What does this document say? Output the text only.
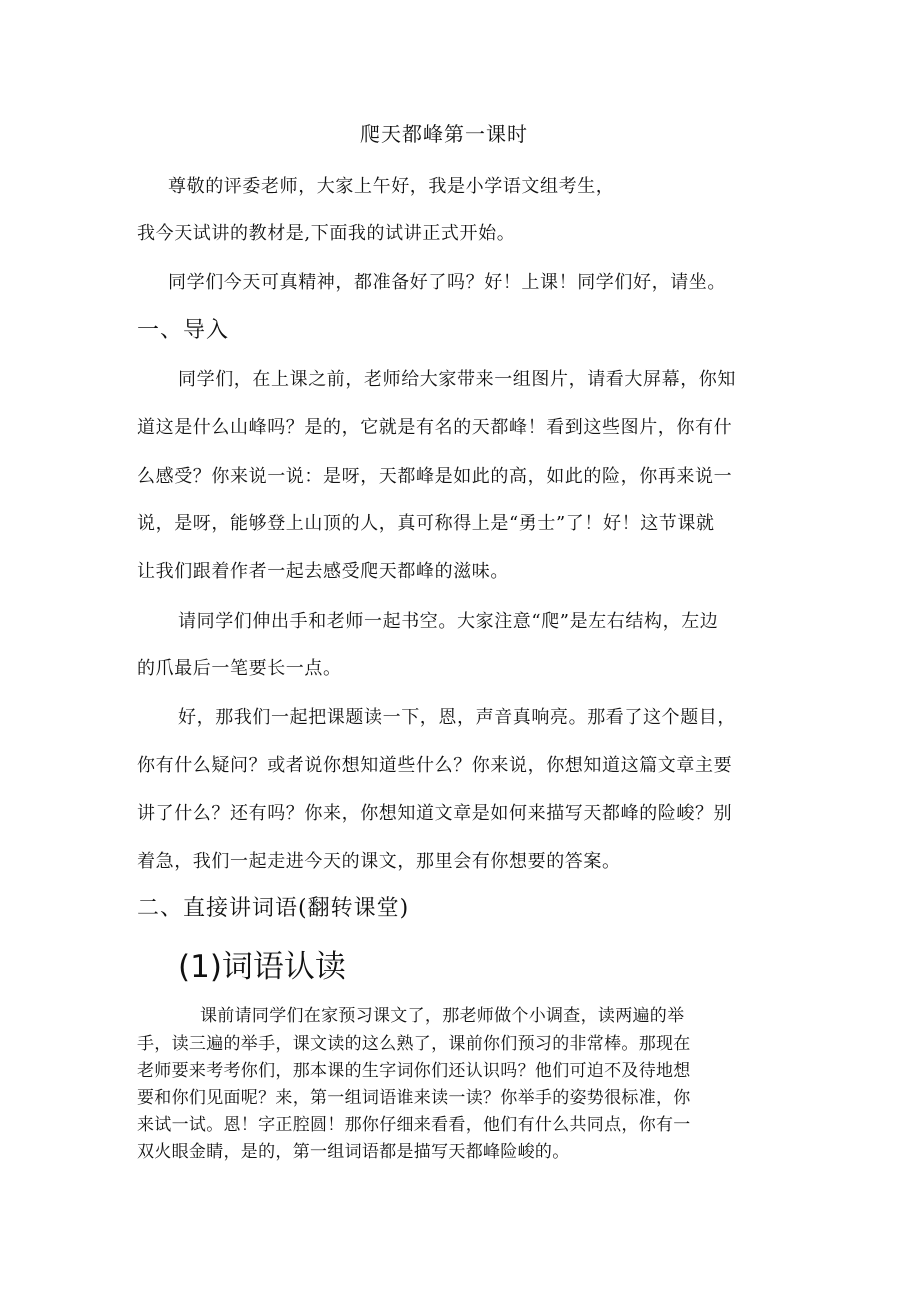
爬天都峰第一课时
尊敬的评委老师，大家上午好，我是小学语文组考生，
我今天试讲的教材是,下面我的试讲正式开始。
同学们今天可真精神，都准备好了吗？好！上课！同学们好，请坐。
一、导入
同学们，在上课之前，老师给大家带来一组图片，请看大屏幕，你知
道这是什么山峰吗？是的，它就是有名的天都峰！看到这些图片，你有什
么感受？你来说一说：是呀，天都峰是如此的高，如此的险，你再来说一
说，是呀，能够登上山顶的人，真可称得上是“勇士”了！好！这节课就
让我们跟着作者一起去感受爬天都峰的滋味。
请同学们伸出手和老师一起书空。大家注意“爬”是左右结构，左边
的爪最后一笔要长一点。
好，那我们一起把课题读一下，恩，声音真响亮。那看了这个题目，
你有什么疑问？或者说你想知道些什么？你来说，你想知道这篇文章主要
讲了什么？还有吗？你来，你想知道文章是如何来描写天都峰的险峻？别
着急，我们一起走进今天的课文，那里会有你想要的答案。
二、直接讲词语(翻转课堂)
(1)词语认读
课前请同学们在家预习课文了，那老师做个小调查，读两遍的举
手，读三遍的举手，课文读的这么熟了，课前你们预习的非常棒。那现在
老师要来考考你们，那本课的生字词你们还认识吗？他们可迫不及待地想
要和你们见面呢？来，第一组词语谁来读一读？你举手的姿势很标准，你
来试一试。恩！字正腔圆！那你仔细来看看，他们有什么共同点，你有一
双火眼金睛，是的，第一组词语都是描写天都峰险峻的。
